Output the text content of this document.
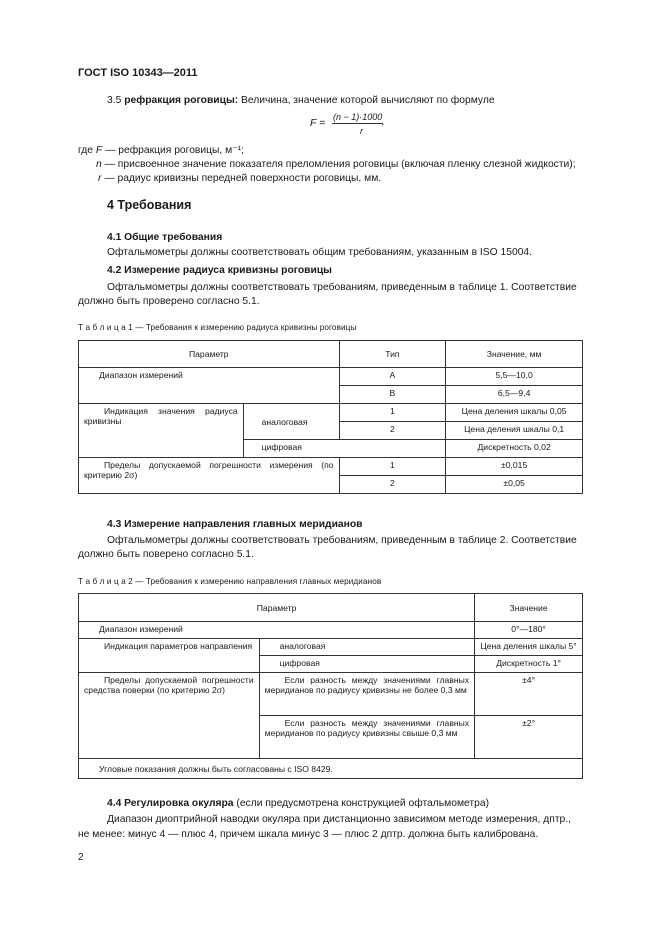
ГОСТ ISO 10343—2011
3.5 рефракция роговицы: Величина, значение которой вычисляют по формуле
F = (n − 1)·1000
r
,
где F — рефракция роговицы, м⁻¹;
n — присвоенное значение показателя преломления роговицы (включая пленку слезной жидкости);
r — радиус кривизны передней поверхности роговицы, мм.
4 Требования
4.1 Общие требования
Офтальмометры должны соответствовать общим требованиям, указанным в ISO 15004.
4.2 Измерение радиуса кривизны роговицы
Офтальмометры должны соответствовать требованиям, приведенным в таблице 1. Соответствие
должно быть проверено согласно 5.1.
Т а б л и ц а 1 — Требования к измерению радиуса кривизны роговицы
Параметр		Тип	Значение, мм
Диапазон измерений		А	5,5—10,0
		В	6,5—9,4
Индикация значения радиуса кривизны	аналоговая	1	Цена деления шкалы 0,05
		2	Цена деления шкалы 0,1
	цифровая		Дискретность 0,02
Пределы допускаемой погрешности измерения (по критерию 2σ)		1	±0,015
		2	±0,05
4.3 Измерение направления главных меридианов
Офтальмометры должны соответствовать требованиям, приведенным в таблице 2. Соответствие
должно быть поверено согласно 5.1.
Т а б л и ц а 2 — Требования к измерению направления главных меридианов
Параметр		Значение
Диапазон измерений		0°—180°
Индикация параметров направления	аналоговая	Цена деления шкалы 5°
	цифровая	Дискретность 1°
Пределы допускаемой погрешности средства поверки (по критерию 2σ)	Если разность между значениями главных меридианов по радиусу кривизны не более 0,3 мм	±4°
	Если разность между значениями главных меридианов по радиусу кривизны свыше 0,3 мм	±2°
Угловые показания должны быть согласованы с ISO 8429.		
4.4 Регулировка окуляра (если предусмотрена конструкцией офтальмометра)
Диапазон диоптрийной наводки окуляра при дистанционно зависимом методе измерения, дптр.,
не менее: минус 4 — плюс 4, причем шкала минус 3 — плюс 2 дптр. должна быть калибрована.
2
